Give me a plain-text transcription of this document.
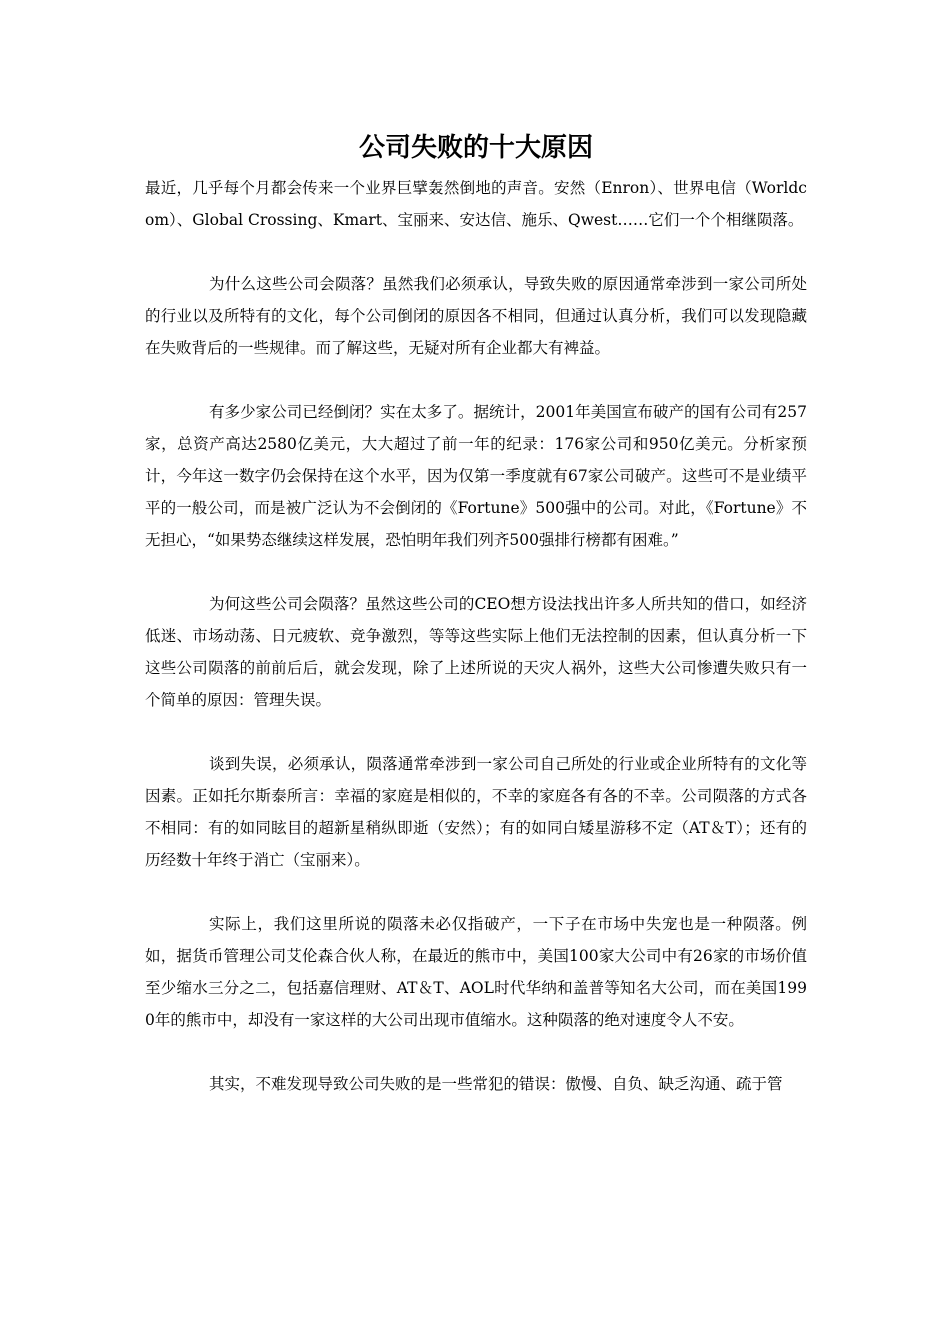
公司失败的十大原因

最近，几乎每个月都会传来一个业界巨擘轰然倒地的声音。安然（Enron）、世界电信（Worldcom）、Global Crossing、Kmart、宝丽来、安达信、施乐、Qwest……它们一个个相继陨落。

为什么这些公司会陨落？虽然我们必须承认，导致失败的原因通常牵涉到一家公司所处的行业以及所特有的文化，每个公司倒闭的原因各不相同，但通过认真分析，我们可以发现隐藏在失败背后的一些规律。而了解这些，无疑对所有企业都大有裨益。

有多少家公司已经倒闭？实在太多了。据统计，2001年美国宣布破产的国有公司有257家，总资产高达2580亿美元，大大超过了前一年的纪录：176家公司和950亿美元。分析家预计，今年这一数字仍会保持在这个水平，因为仅第一季度就有67家公司破产。这些可不是业绩平平的一般公司，而是被广泛认为不会倒闭的《Fortune》500强中的公司。对此，《Fortune》不无担心，“如果势态继续这样发展，恐怕明年我们列齐500强排行榜都有困难。”

为何这些公司会陨落？虽然这些公司的CEO想方设法找出许多人所共知的借口，如经济低迷、市场动荡、日元疲软、竞争激烈，等等这些实际上他们无法控制的因素，但认真分析一下这些公司陨落的前前后后，就会发现，除了上述所说的天灾人祸外，这些大公司惨遭失败只有一个简单的原因：管理失误。

谈到失误，必须承认，陨落通常牵涉到一家公司自己所处的行业或企业所特有的文化等因素。正如托尔斯泰所言：幸福的家庭是相似的，不幸的家庭各有各的不幸。公司陨落的方式各不相同：有的如同眩目的超新星稍纵即逝（安然）；有的如同白矮星游移不定（AT＆T）；还有的历经数十年终于消亡（宝丽来）。

实际上，我们这里所说的陨落未必仅指破产，一下子在市场中失宠也是一种陨落。例如，据货币管理公司艾伦森合伙人称，在最近的熊市中，美国100家大公司中有26家的市场价值至少缩水三分之二，包括嘉信理财、AT＆T、AOL时代华纳和盖普等知名大公司，而在美国1990年的熊市中，却没有一家这样的大公司出现市值缩水。这种陨落的绝对速度令人不安。

其实，不难发现导致公司失败的是一些常犯的错误：傲慢、自负、缺乏沟通、疏于管
